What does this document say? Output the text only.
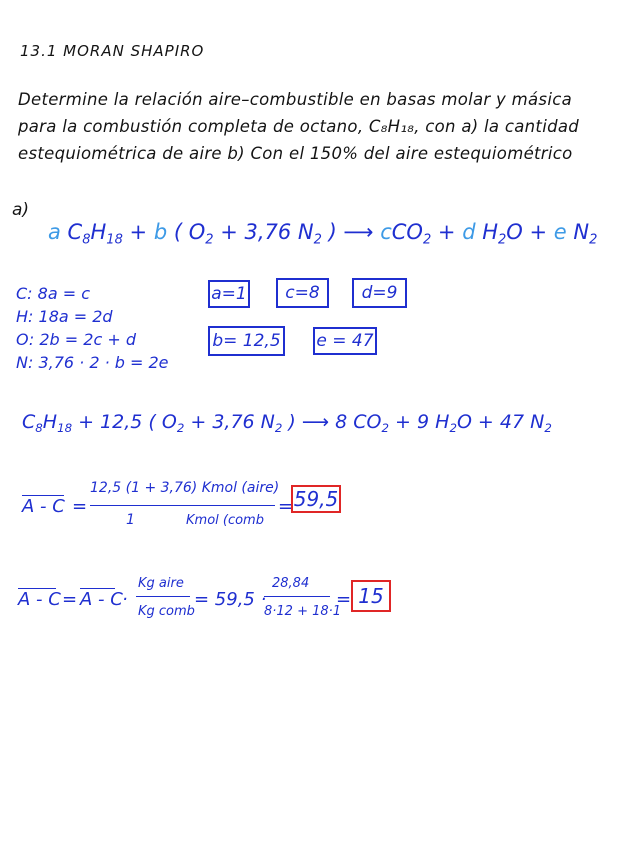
13.1 MORAN SHAPIRO
Determine la relación aire–combustible en basas molar y másica
para la combustión completa de octano, C₈H₁₈, con a) la cantidad
estequiométrica de aire b) Con el 150% del aire estequiométrico
a)
a $C_8H_{18} + b$ ( $O_2 + 3,76$ $N_2$ ) ⟶ cCO$_2$ + d $H_2O + e$ $N_2$
C: 8a = c
H: 18a = 2d
O: 2b = 2c + d
N: 3,76 · 2 · b = 2e
a=1	c=8	d=9
b= 12,5 e = 47
$C_8H_{18} + 12,5$ ( $O_2 + 3,76$ $N_2$ ) ⟶ 8 $CO_2 + 9$ $H_2O + 47$ $N_2$
A - C =
12,5 (1 + 3,76) Kmol (aire)
1	Kmol (comb
= 59,5
A - C = A - C ·
Kg aire
Kg comb
= 59,5 ·
28,84
8·12 + 18·1
= 15
